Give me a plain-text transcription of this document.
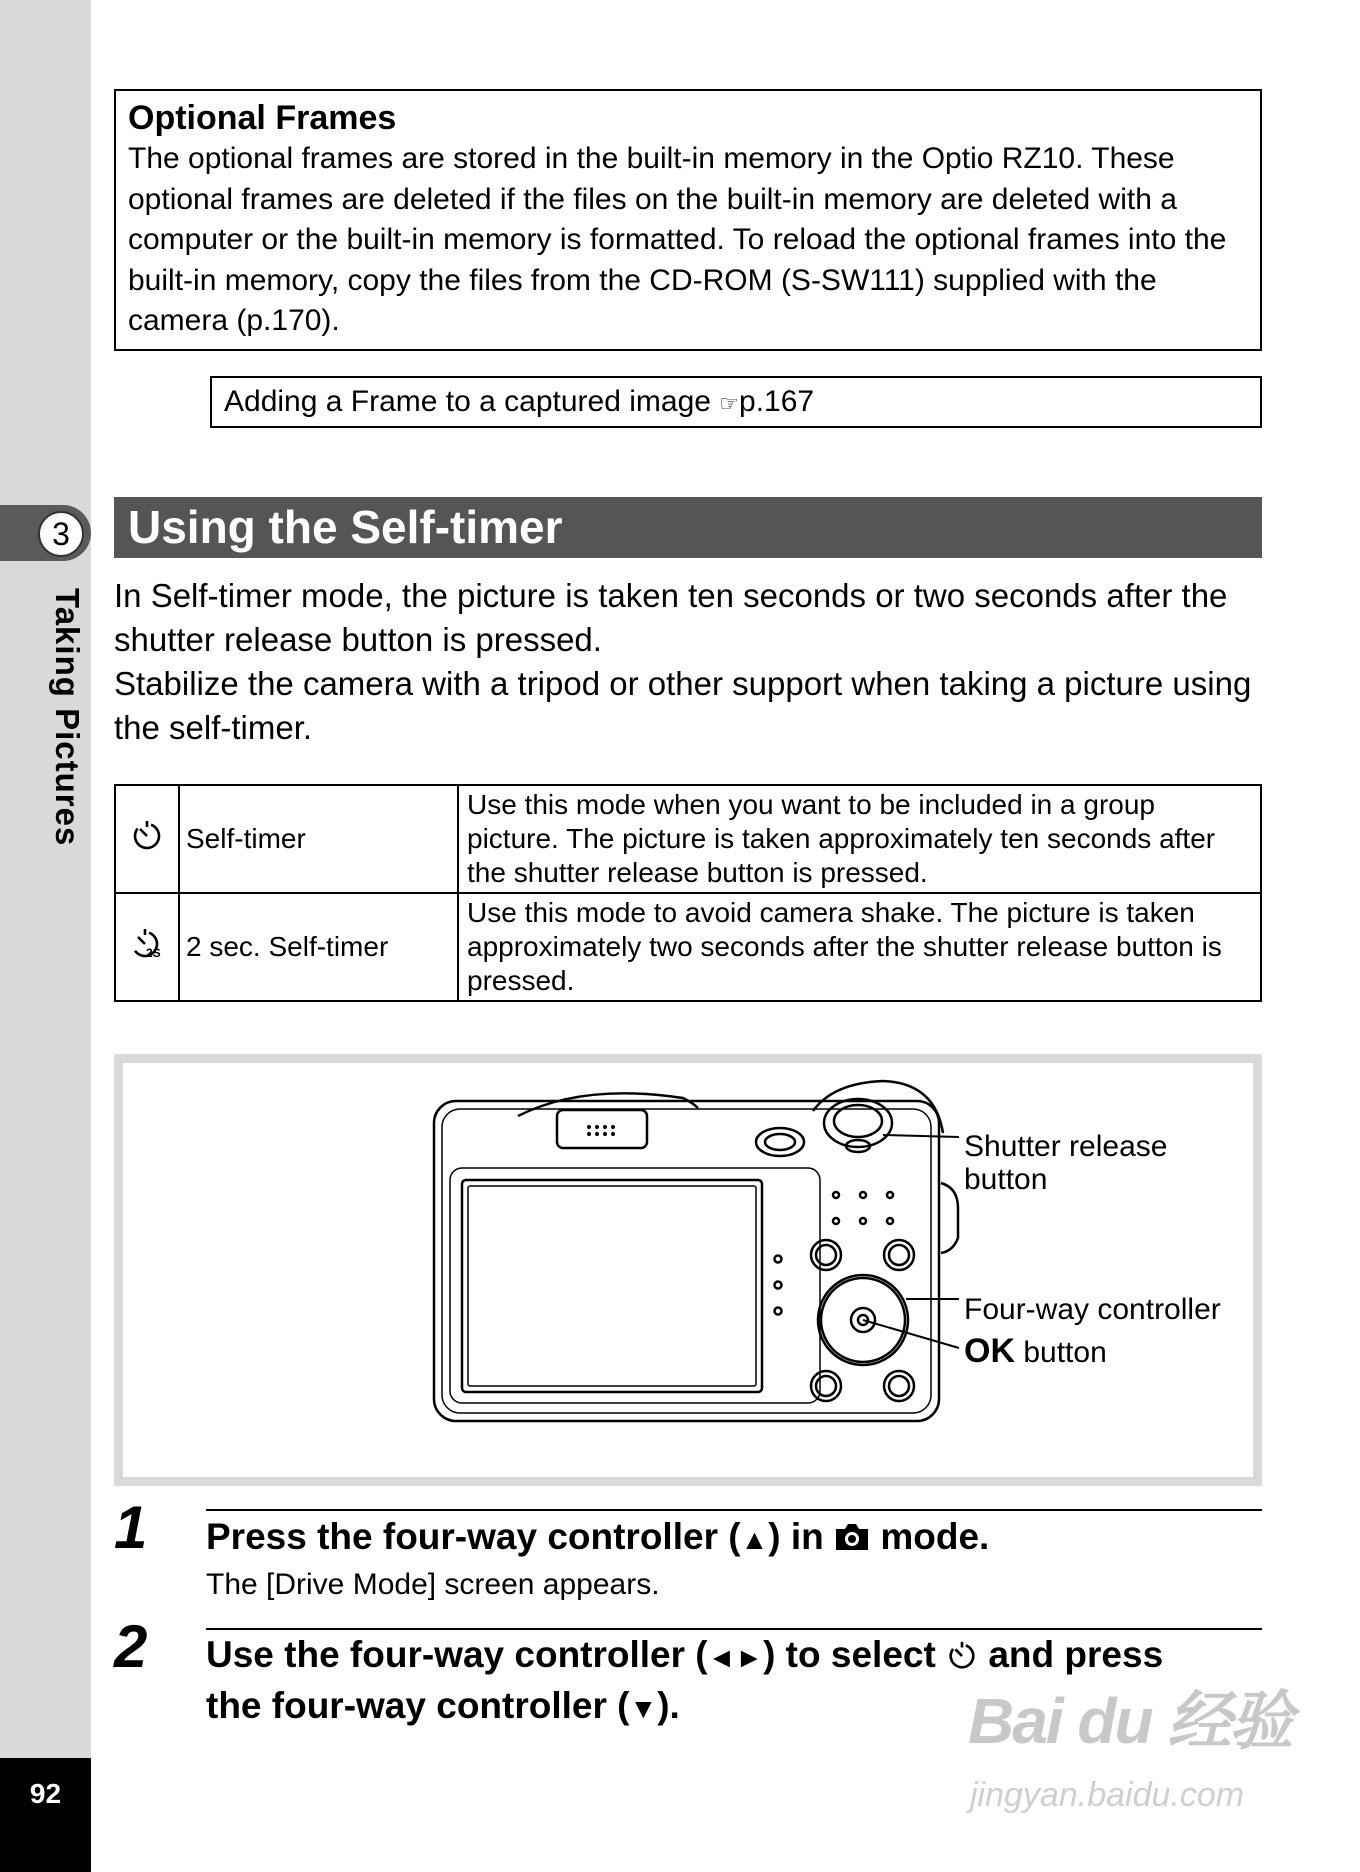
3
Taking Pictures
92
Optional Frames

The optional frames are stored in the built-in memory in the Optio RZ10. These optional frames are deleted if the files on the built-in memory are deleted with a computer or the built-in memory is formatted. To reload the optional frames into the built-in memory, copy the files from the CD-ROM (S-SW111) supplied with the camera (p.170).

Adding a Frame to a captured image ☞p.167
Using the Self-timer
In Self-timer mode, the picture is taken ten seconds or two seconds after the shutter release button is pressed.
Stabilize the camera with a tripod or other support when taking a picture using the self-timer.
	Self-timer	Use this mode when you want to be included in a group picture. The picture is taken approximately ten seconds after the shutter release button is pressed.

2S	2 sec. Self-timer	Use this mode to avoid camera shake. The picture is taken approximately two seconds after the shutter release button is pressed.
Shutter release
button
Four-way controller
OK button
1 Press the four-way controller (▲) in  mode.
The [Drive Mode] screen appears.
2 Use the four-way controller (◄►) to select  and press
the four-way controller (▼).	Bai du 经验
jingyan.baidu.com
